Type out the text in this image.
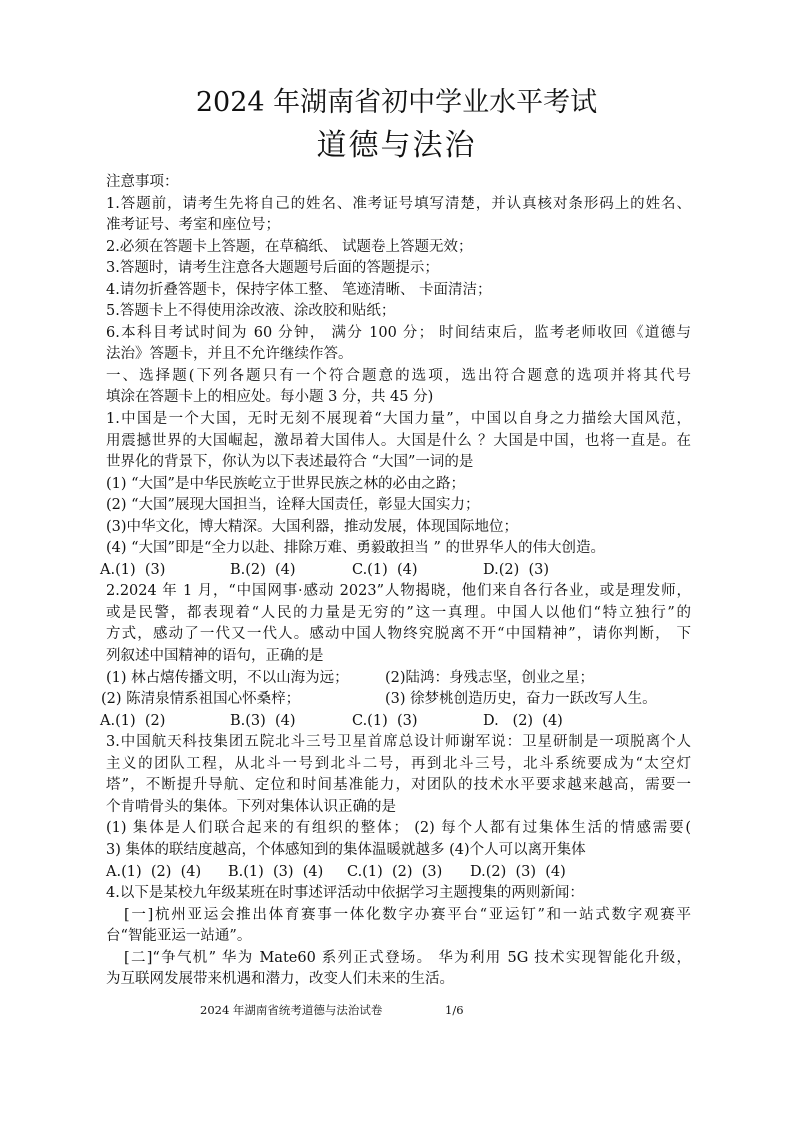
2024 年湖南省初中学业水平考试
道德与法治
注意事项：
1.答题前，请考生先将自己的姓名、准考证号填写清楚，并认真核对条形码上的姓名、
准考证号、考室和座位号；
2.必须在答题卡上答题，在草稿纸、 试题卷上答题无效；
3.答题时，请考生注意各大题题号后面的答题提示；
4.请勿折叠答题卡，保持字体工整、 笔迹清晰、 卡面清洁；
5.答题卡上不得使用涂改液、涂改胶和贴纸；
6.本科目考试时间为 60 分钟， 满分 100 分； 时间结束后，监考老师收回《道德与
法治》答题卡，并且不允许继续作答。
一、选择题(下列各题只有一个符合题意的选项，选出符合题意的选项并将其代号
填涂在答题卡上的相应处。每小题 3 分，共 45 分)
1.中国是一个大国，无时无刻不展现着“大国力量”，中国以自身之力描绘大国风范，
用震撼世界的大国崛起，激昂着大国伟人。大国是什么 ？大国是中国，也将一直是。在
世界化的背景下，你认为以下表述最符合 “大国”一词的是
(1) “大国”是中华民族屹立于世界民族之林的必由之路；
(2) “大国”展现大国担当，诠释大国责任，彰显大国实力；
(3)中华文化，博大精深。大国利器，推动发展，体现国际地位；
(4) “大国”即是“全力以赴、排除万难、勇毅敢担当 ” 的世界华人的伟大创造。
A.(1)  (3)	B.(2)  (4)	C.(1)  (4)	D.(2)  (3)
2.2024 年 1 月，“中国网事·感动 2023”人物揭晓，他们来自各行各业，或是理发师，
或是民警，都表现着“人民的力量是无穷的”这一真理。中国人以他们“特立独行”的
方式，感动了一代又一代人。感动中国人物终究脱离不开“中国精神”，请你判断， 下
列叙述中国精神的语句，正确的是
(1) 林占熺传播文明，不以山海为远；	(2)陆鸿：身残志坚，创业之星；
(2) 陈清泉情系祖国心怀桑梓；	(3) 徐梦桃创造历史，奋力一跃改写人生。
A.(1)  (2)	B.(3)  (4)	C.(1)  (3)	D.   (2)  (4)
3.中国航天科技集团五院北斗三号卫星首席总设计师谢军说：卫星研制是一项脱离个人
主义的团队工程，从北斗一号到北斗二号，再到北斗三号，北斗系统要成为“太空灯
塔”，不断提升导航、定位和时间基准能力，对团队的技术水平要求越来越高，需要一
个肯啃骨头的集体。下列对集体认识正确的是
(1) 集体是人们联合起来的有组织的整体； (2) 每个人都有过集体生活的情感需要(
3) 集体的联结度越高，个体感知到的集体温暖就越多 (4)个人可以离开集体
A.(1)  (2)  (4) B.(1)  (3)  (4) C.(1)  (2)  (3) D.(2)  (3)  (4)
4.以下是某校九年级某班在时事述评活动中依据学习主题搜集的两则新闻：
[一]杭州亚运会推出体育赛事一体化数字办赛平台“亚运钉”和一站式数字观赛平
台“智能亚运一站通”。
[二]“争气机” 华为 Mate60 系列正式登场。 华为利用 5G 技术实现智能化升级，
为互联网发展带来机遇和潜力，改变人们未来的生活。
2024 年湖南省统考道德与法治试卷	1/6
